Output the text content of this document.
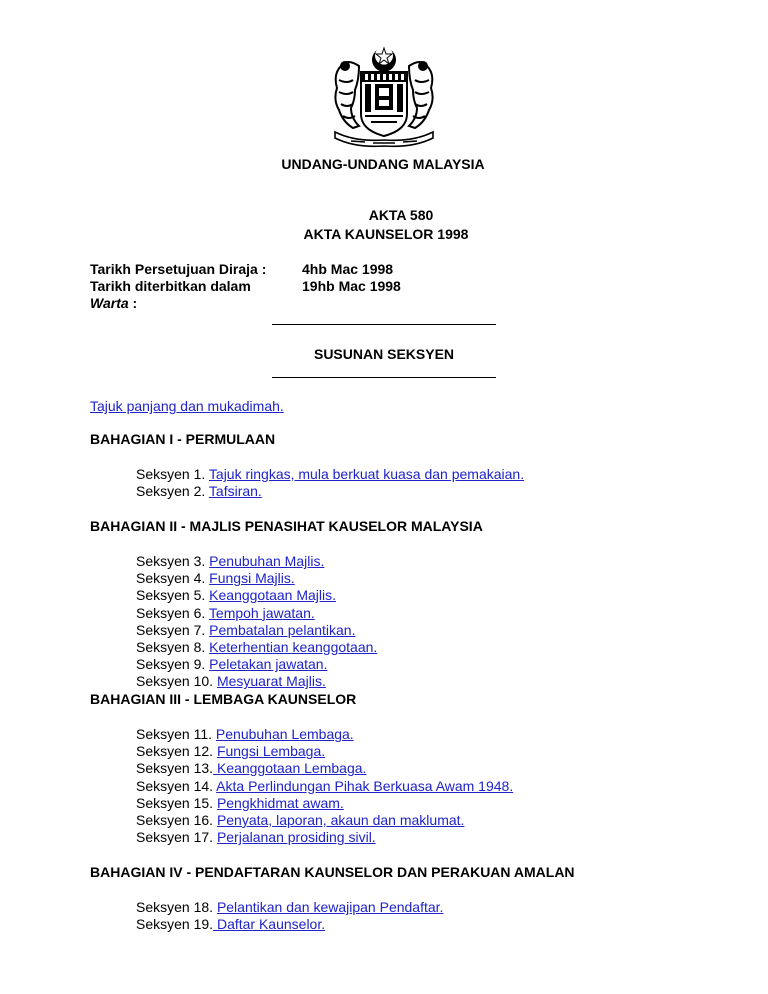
UNDANG-UNDANG MALAYSIA
AKTA 580
AKTA KAUNSELOR 1998
Tarikh Persetujuan Diraja :	4hb Mac 1998
Tarikh diterbitkan dalam	19hb Mac 1998
Warta :
SUSUNAN SEKSYEN
Tajuk panjang dan mukadimah.
BAHAGIAN I - PERMULAAN
Seksyen 1. Tajuk ringkas, mula berkuat kuasa dan pemakaian.
Seksyen 2. Tafsiran.
BAHAGIAN II - MAJLIS PENASIHAT KAUSELOR MALAYSIA
Seksyen 3. Penubuhan Majlis.
Seksyen 4. Fungsi Majlis.
Seksyen 5. Keanggotaan Majlis.
Seksyen 6. Tempoh jawatan.
Seksyen 7. Pembatalan pelantikan.
Seksyen 8. Keterhentian keanggotaan.
Seksyen 9. Peletakan jawatan.
Seksyen 10. Mesyuarat Majlis.
BAHAGIAN III - LEMBAGA KAUNSELOR
Seksyen 11. Penubuhan Lembaga.
Seksyen 12. Fungsi Lembaga.
Seksyen 13. Keanggotaan Lembaga.
Seksyen 14. Akta Perlindungan Pihak Berkuasa Awam 1948.
Seksyen 15. Pengkhidmat awam.
Seksyen 16. Penyata, laporan, akaun dan maklumat.
Seksyen 17. Perjalanan prosiding sivil.
BAHAGIAN IV - PENDAFTARAN KAUNSELOR DAN PERAKUAN AMALAN
Seksyen 18. Pelantikan dan kewajipan Pendaftar.
Seksyen 19. Daftar Kaunselor.
